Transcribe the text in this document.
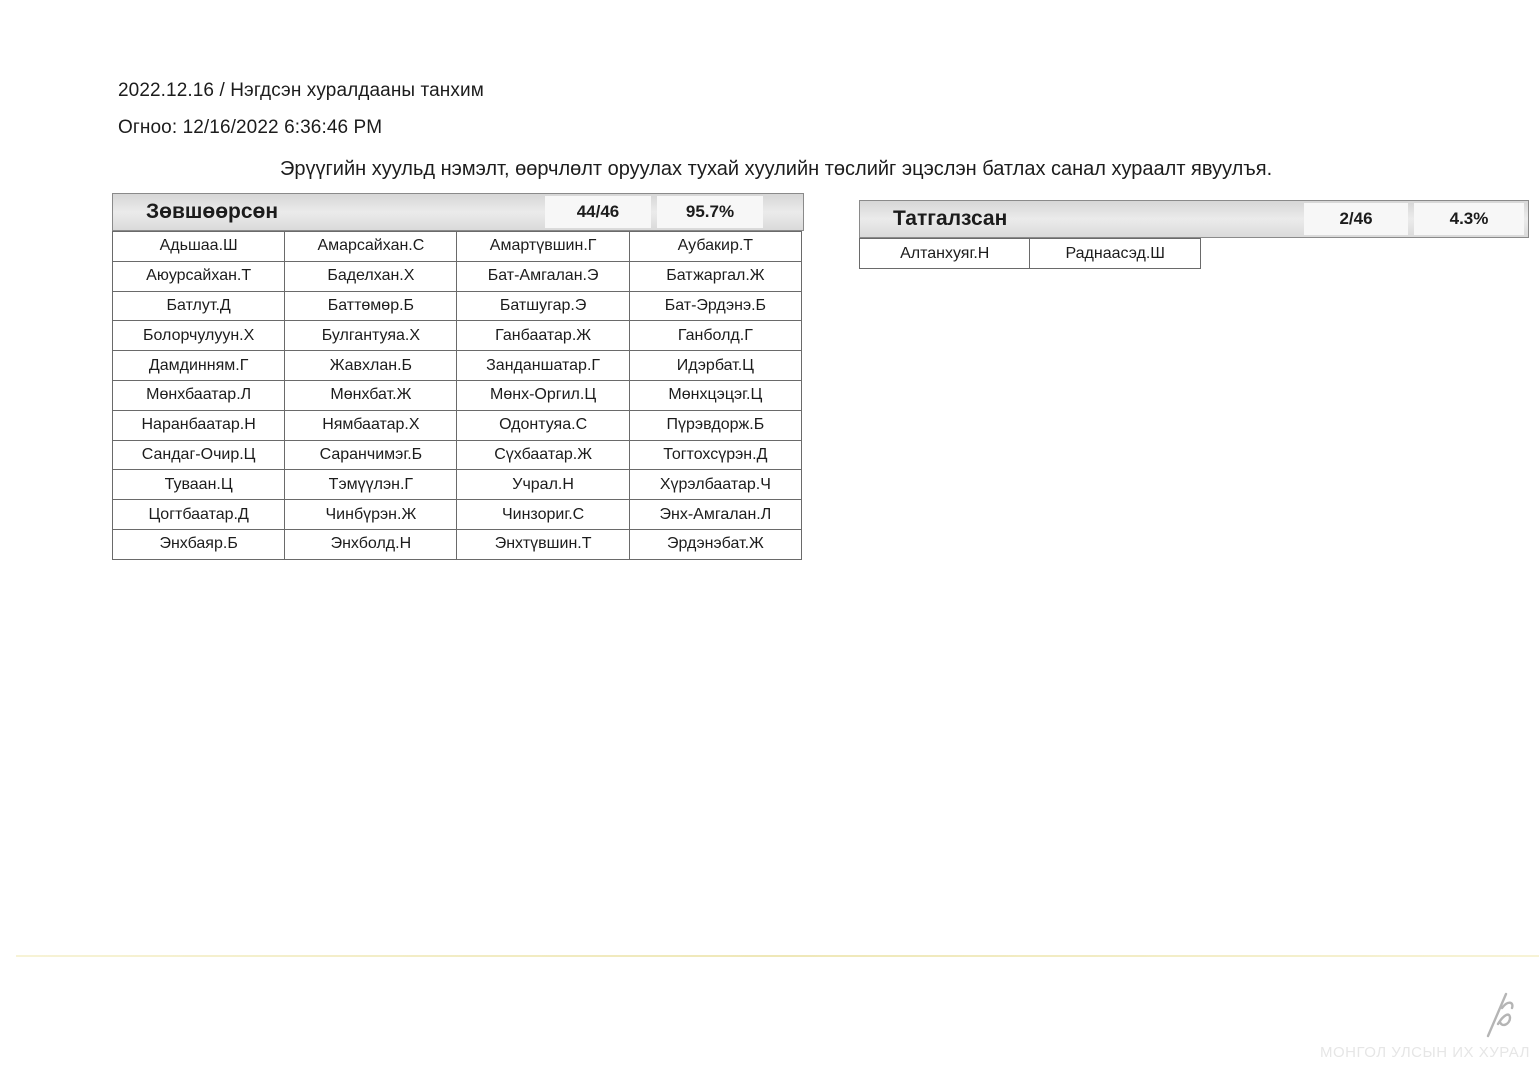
2022.12.16 / Нэгдсэн хуралдааны танхим
Огноо: 12/16/2022 6:36:46 PM
Эрүүгийн хуульд нэмэлт, өөрчлөлт оруулах тухай хуулийн төслийг эцэслэн батлах санал хураалт явуулъя.
Зөвшөөрсөн	44/46	95.7%
Адьшаа.Ш	Амарсайхан.С	Амартүвшин.Г	Аубакир.Т
Аюурсайхан.Т	Баделхан.Х	Бат-Амгалан.Э	Батжаргал.Ж
Батлут.Д	Баттөмөр.Б	Батшугар.Э	Бат-Эрдэнэ.Б
Болорчулуун.Х	Булгантуяа.Х	Ганбаатар.Ж	Ганболд.Г
Дамдинням.Г	Жавхлан.Б	Занданшатар.Г	Идэрбат.Ц
Мөнхбаатар.Л	Мөнхбат.Ж	Мөнх-Оргил.Ц	Мөнхцэцэг.Ц
Наранбаатар.Н	Нямбаатар.Х	Одонтуяа.С	Пүрэвдорж.Б
Сандаг-Очир.Ц	Саранчимэг.Б	Сүхбаатар.Ж	Тогтохсүрэн.Д
Туваан.Ц	Тэмүүлэн.Г	Учрал.Н	Хүрэлбаатар.Ч
Цогтбаатар.Д	Чинбүрэн.Ж	Чинзориг.С	Энх-Амгалан.Л
Энхбаяр.Б	Энхболд.Н	Энхтүвшин.Т	Эрдэнэбат.Ж
Татгалзсан	2/46	4.3%
Алтанхуяг.Н	Раднаасэд.Ш
МОНГОЛ УЛСЫН ИХ ХУРАЛ
